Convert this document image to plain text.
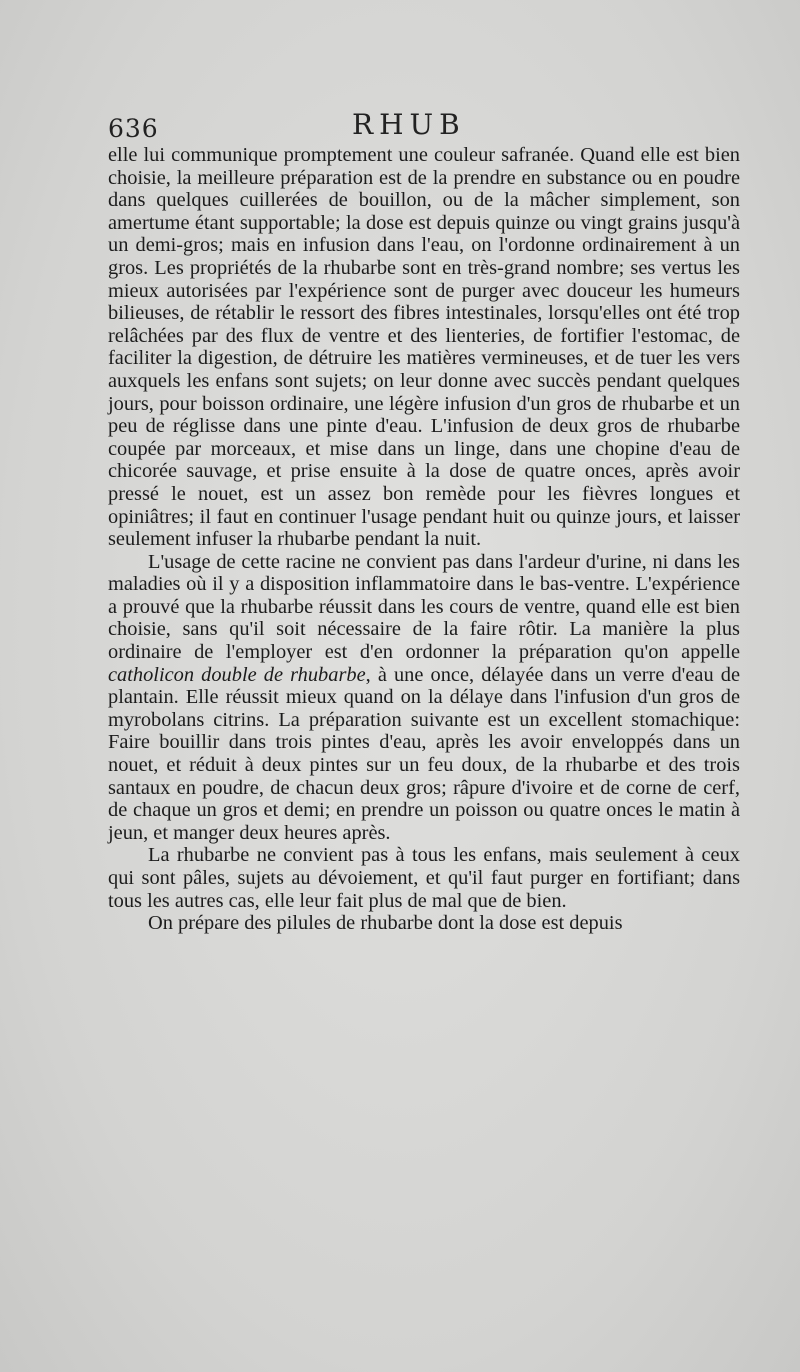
636	RHUB

elle lui communique promptement une couleur safranée. Quand elle est bien choisie, la meilleure préparation est de la prendre en substance ou en poudre dans quelques cuillerées de bouillon, ou de la mâcher simplement, son amertume étant supportable; la dose est depuis quinze ou vingt grains jusqu'à un demi-gros; mais en infusion dans l'eau, on l'ordonne ordinairement à un gros. Les propriétés de la rhubarbe sont en très-grand nombre; ses vertus les mieux autorisées par l'expérience sont de purger avec douceur les humeurs bilieuses, de rétablir le ressort des fibres intestinales, lorsqu'elles ont été trop relâchées par des flux de ventre et des lienteries, de fortifier l'estomac, de faciliter la digestion, de détruire les matières vermineuses, et de tuer les vers auxquels les enfans sont sujets; on leur donne avec succès pendant quelques jours, pour boisson ordinaire, une légère infusion d'un gros de rhubarbe et un peu de réglisse dans une pinte d'eau. L'infusion de deux gros de rhubarbe coupée par morceaux, et mise dans un linge, dans une chopine d'eau de chicorée sauvage, et prise ensuite à la dose de quatre onces, après avoir pressé le nouet, est un assez bon remède pour les fièvres longues et opiniâtres; il faut en continuer l'usage pendant huit ou quinze jours, et laisser seulement infuser la rhubarbe pendant la nuit.

L'usage de cette racine ne convient pas dans l'ardeur d'urine, ni dans les maladies où il y a disposition inflammatoire dans le bas-ventre. L'expérience a prouvé que la rhubarbe réussit dans les cours de ventre, quand elle est bien choisie, sans qu'il soit nécessaire de la faire rôtir. La manière la plus ordinaire de l'employer est d'en ordonner la préparation qu'on appelle catholicon double de rhubarbe, à une once, délayée dans un verre d'eau de plantain. Elle réussit mieux quand on la délaye dans l'infusion d'un gros de myrobolans citrins. La préparation suivante est un excellent stomachique: Faire bouillir dans trois pintes d'eau, après les avoir enveloppés dans un nouet, et réduit à deux pintes sur un feu doux, de la rhubarbe et des trois santaux en poudre, de chacun deux gros; râpure d'ivoire et de corne de cerf, de chaque un gros et demi; en prendre un poisson ou quatre onces le matin à jeun, et manger deux heures après.

La rhubarbe ne convient pas à tous les enfans, mais seulement à ceux qui sont pâles, sujets au dévoiement, et qu'il faut purger en fortifiant; dans tous les autres cas, elle leur fait plus de mal que de bien.

On prépare des pilules de rhubarbe dont la dose est depuis
